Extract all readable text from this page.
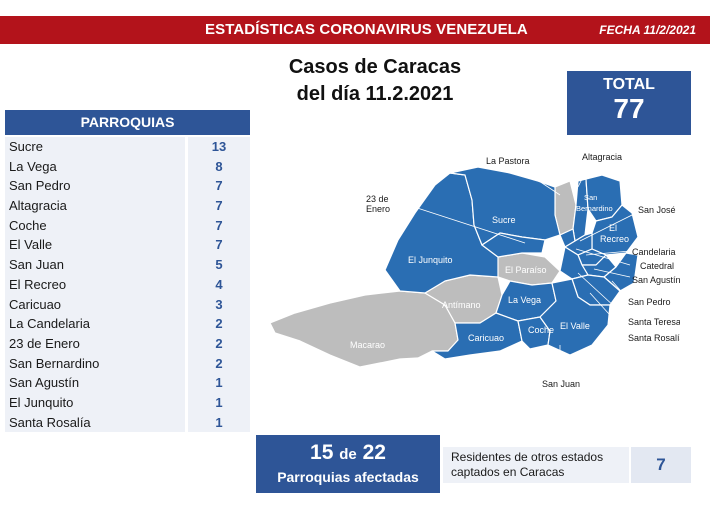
ESTADÍSTICAS CORONAVIRUS VENEZUELA	FECHA 11/2/2021
Casos de Caracas
del día 11.2.2021	TOTAL
77
PARROQUIAS
Sucre	13
La Vega	8
San Pedro	7
Altagracia	7
Coche	7
El Valle	7
San Juan	5
El Recreo	4
Caricuao	3
La Candelaria	2
23 de Enero	2
San Bernardino	2
San Agustín	1
El Junquito	1
Santa Rosalía	1
La Pastora	Altagracia
23 de
Enero
Sucre
San
Bernardino	San José
El
Recreo
Candelaria
Catedral
San Agustín
El Junquito
El Paraíso
San Pedro
Antímano	La Vega
Santa Teresa
Santa Rosalía
Macarao
Caricuao
Coche El Valle
San Juan
15 de 22
Parroquias afectadas
Residentes de otros estados captados en Caracas	7
